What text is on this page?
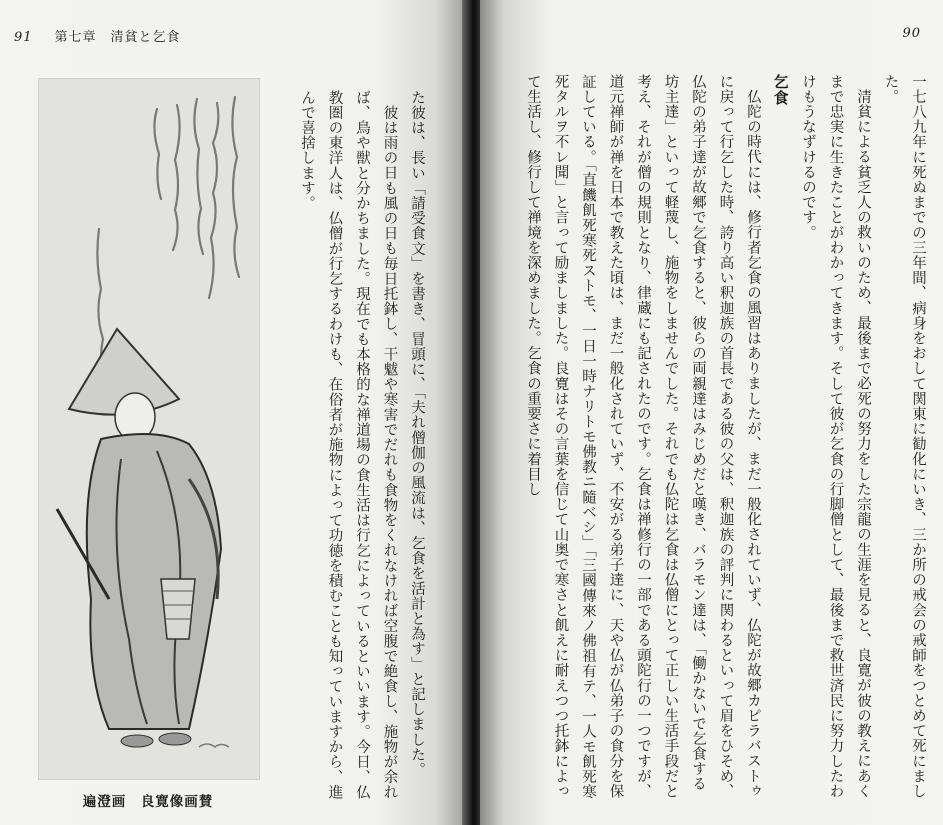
91 第七章　清貧と乞食
遍澄画　良寛像画賛

た彼は、長い「請受食文」を書き、冒頭に、「夫れ僧伽の風流は、乞食を活計と為す」と記しました。

彼は雨の日も風の日も毎日托鉢し、干魃や寒害でだれも食物をくれなければ空腹で絶食し、施物が余れば、鳥や獣と分かちました。現在でも本格的な禅道場の食生活は行乞によっているといいます。今日、仏教圏の東洋人は、仏僧が行乞するわけも、在俗者が施物によって功徳を積むことも知っていますから、進んで喜捨します。

90

一七八九年に死ぬまでの三年間、病身をおして関東に勧化にいき、三か所の戒会の戒師をつとめて死にました。

清貧による貧乏人の救いのため、最後まで必死の努力をした宗龍の生涯を見ると、良寛が彼の教えにあくまで忠実に生きたことがわかってきます。そして彼が乞食の行脚僧として、最後まで救世済民に努力したわけもうなずけるのです。

乞食

仏陀の時代には、修行者乞食の風習はありましたが、まだ一般化されていず、仏陀が故郷カピラバストゥに戻って行乞した時、誇り高い釈迦族の首長である彼の父は、釈迦族の評判に関わるといって眉をひそめ、仏陀の弟子達が故郷で乞食すると、彼らの両親達はみじめだと嘆き、バラモン達は、「働かないで乞食する坊主達」といって軽蔑し、施物をしませんでした。それでも仏陀は乞食は仏僧にとって正しい生活手段だと考え、それが僧の規則となり、律蔵にも記されたのです。乞食は禅修行の一部である頭陀行の一つですが、道元禅師が禅を日本で教えた頃は、まだ一般化されていず、不安がる弟子達に、天や仏が仏弟子の食分を保証している。「直饑飢死寒死ストモ、一日一時ナリトモ佛教ニ隨ベシ」「三國傳來ノ佛祖有テ、一人モ飢死寒死タルヲ不レ聞」と言って励ましました。良寛はその言葉を信じて山奥で寒さと飢えに耐えつつ托鉢によって生活し、修行して禅境を深めました。乞食の重要さに着目し
